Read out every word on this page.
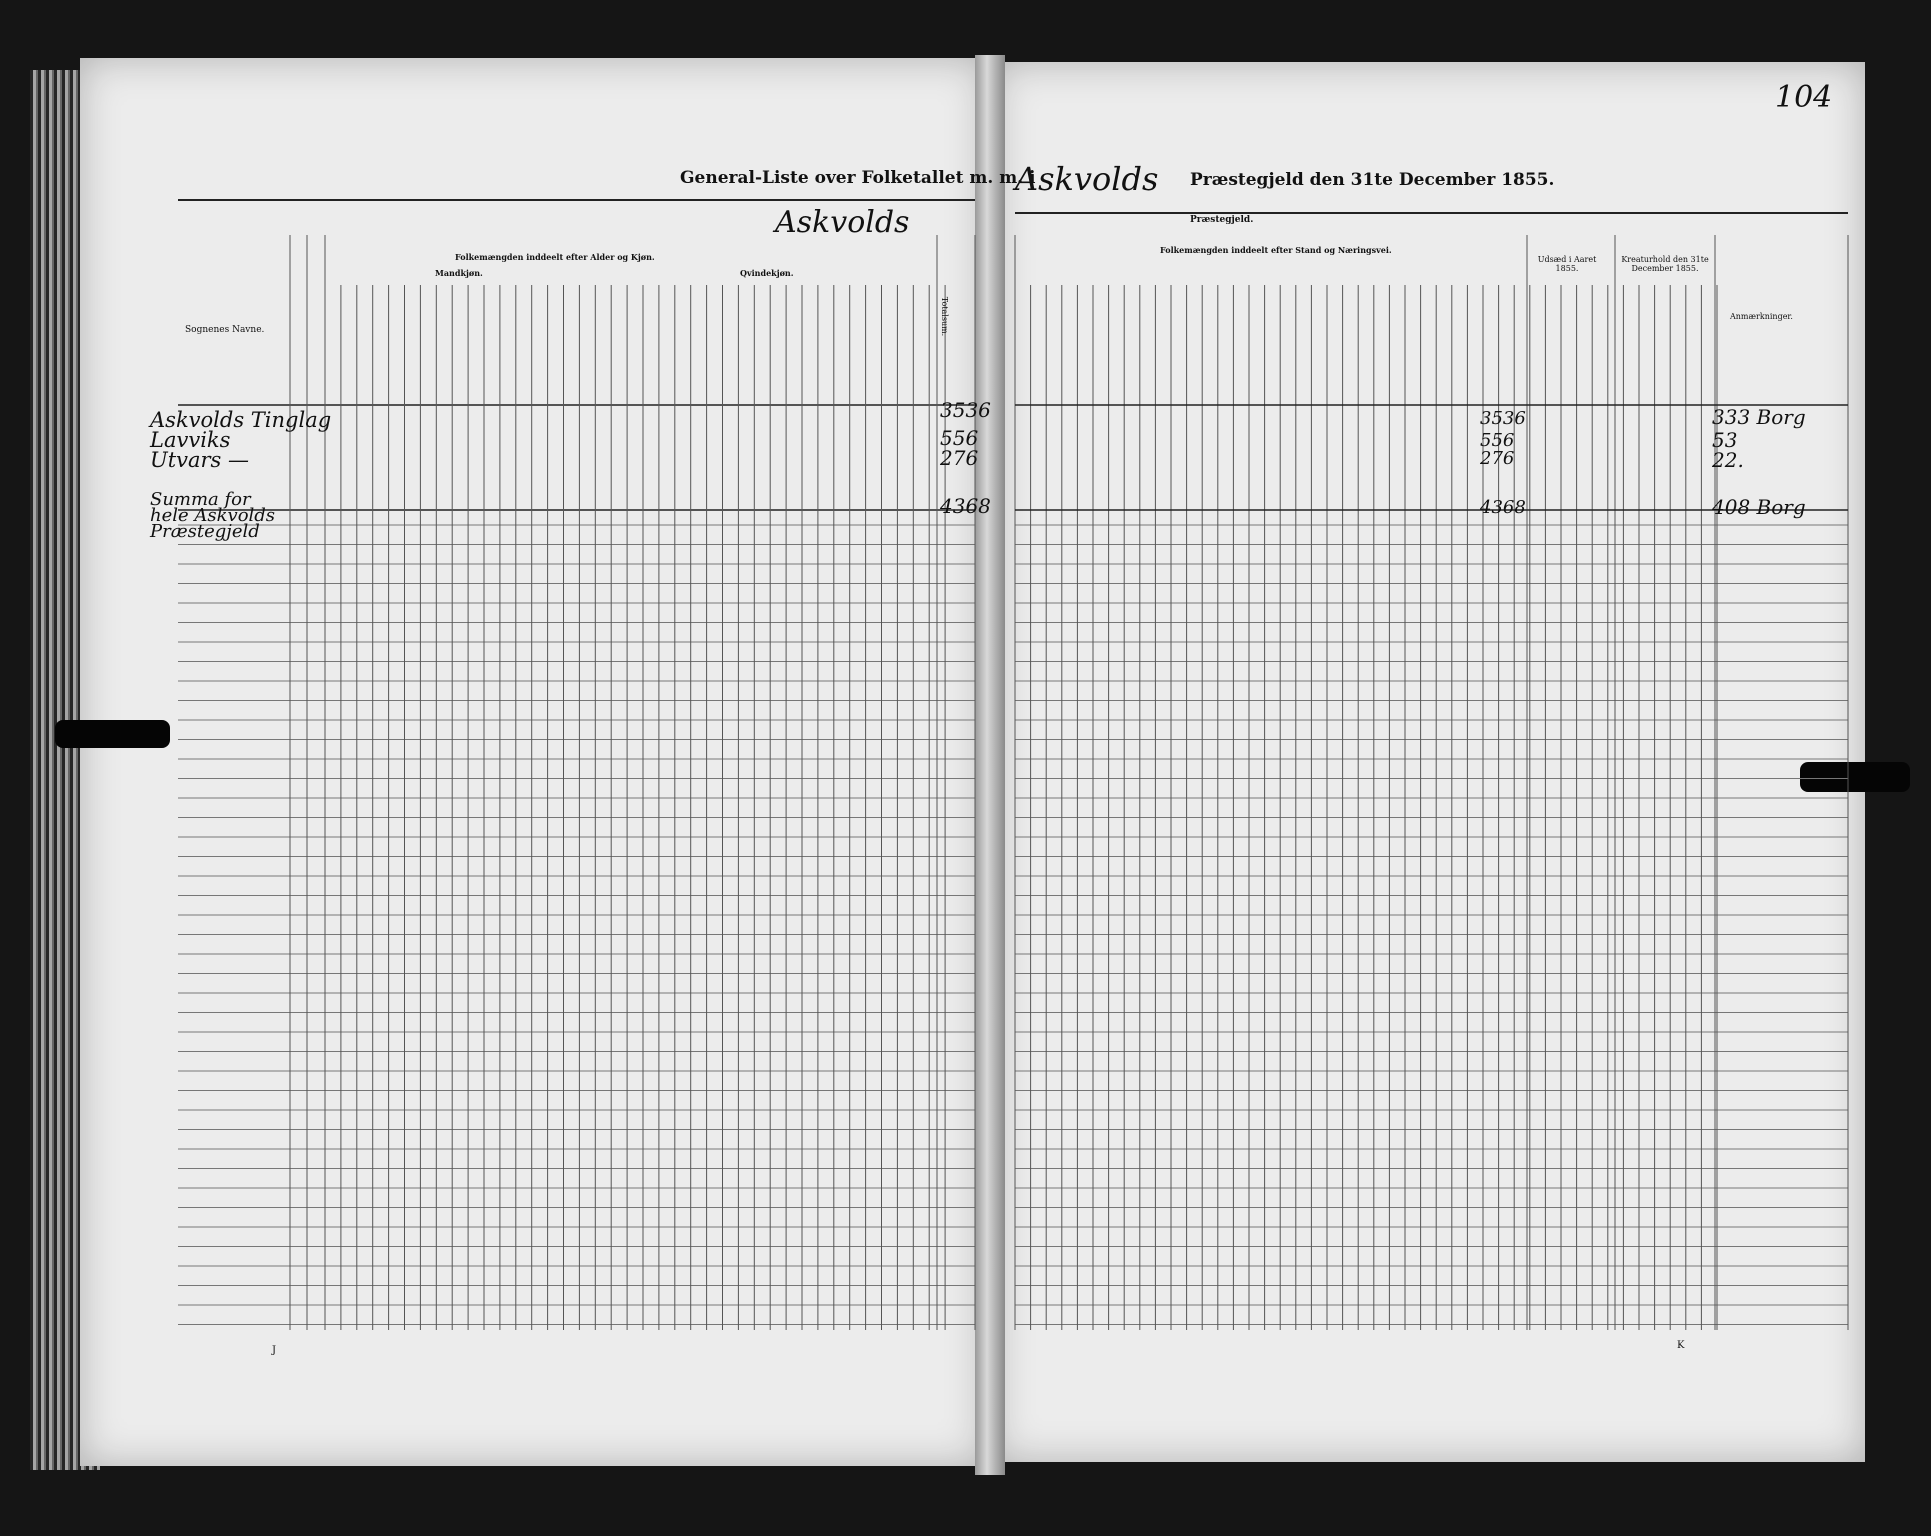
General-Liste over Folketallet m. m. i
Askvolds
Folkemængden inddeelt efter Alder og Kjøn.
Mandkjøn.	Qvindekjøn.
Sognenes Navne.	Totalsum.
Askvolds Tinglag
Lavviks
Utvars —
Summa for hele Askvolds Præstegjeld
3536
556
276
4368
J
Askvolds Præstegjeld den 31te December 1855.
Præstegjeld.
Folkemængden inddeelt efter Stand og Næringsvei.
Udsæd i Aaret 1855.
Kreaturhold den 31te December 1855.
Anmærkninger.
104
3536
556
276
4368
333 Borg
53
22.
408 Borg
K
